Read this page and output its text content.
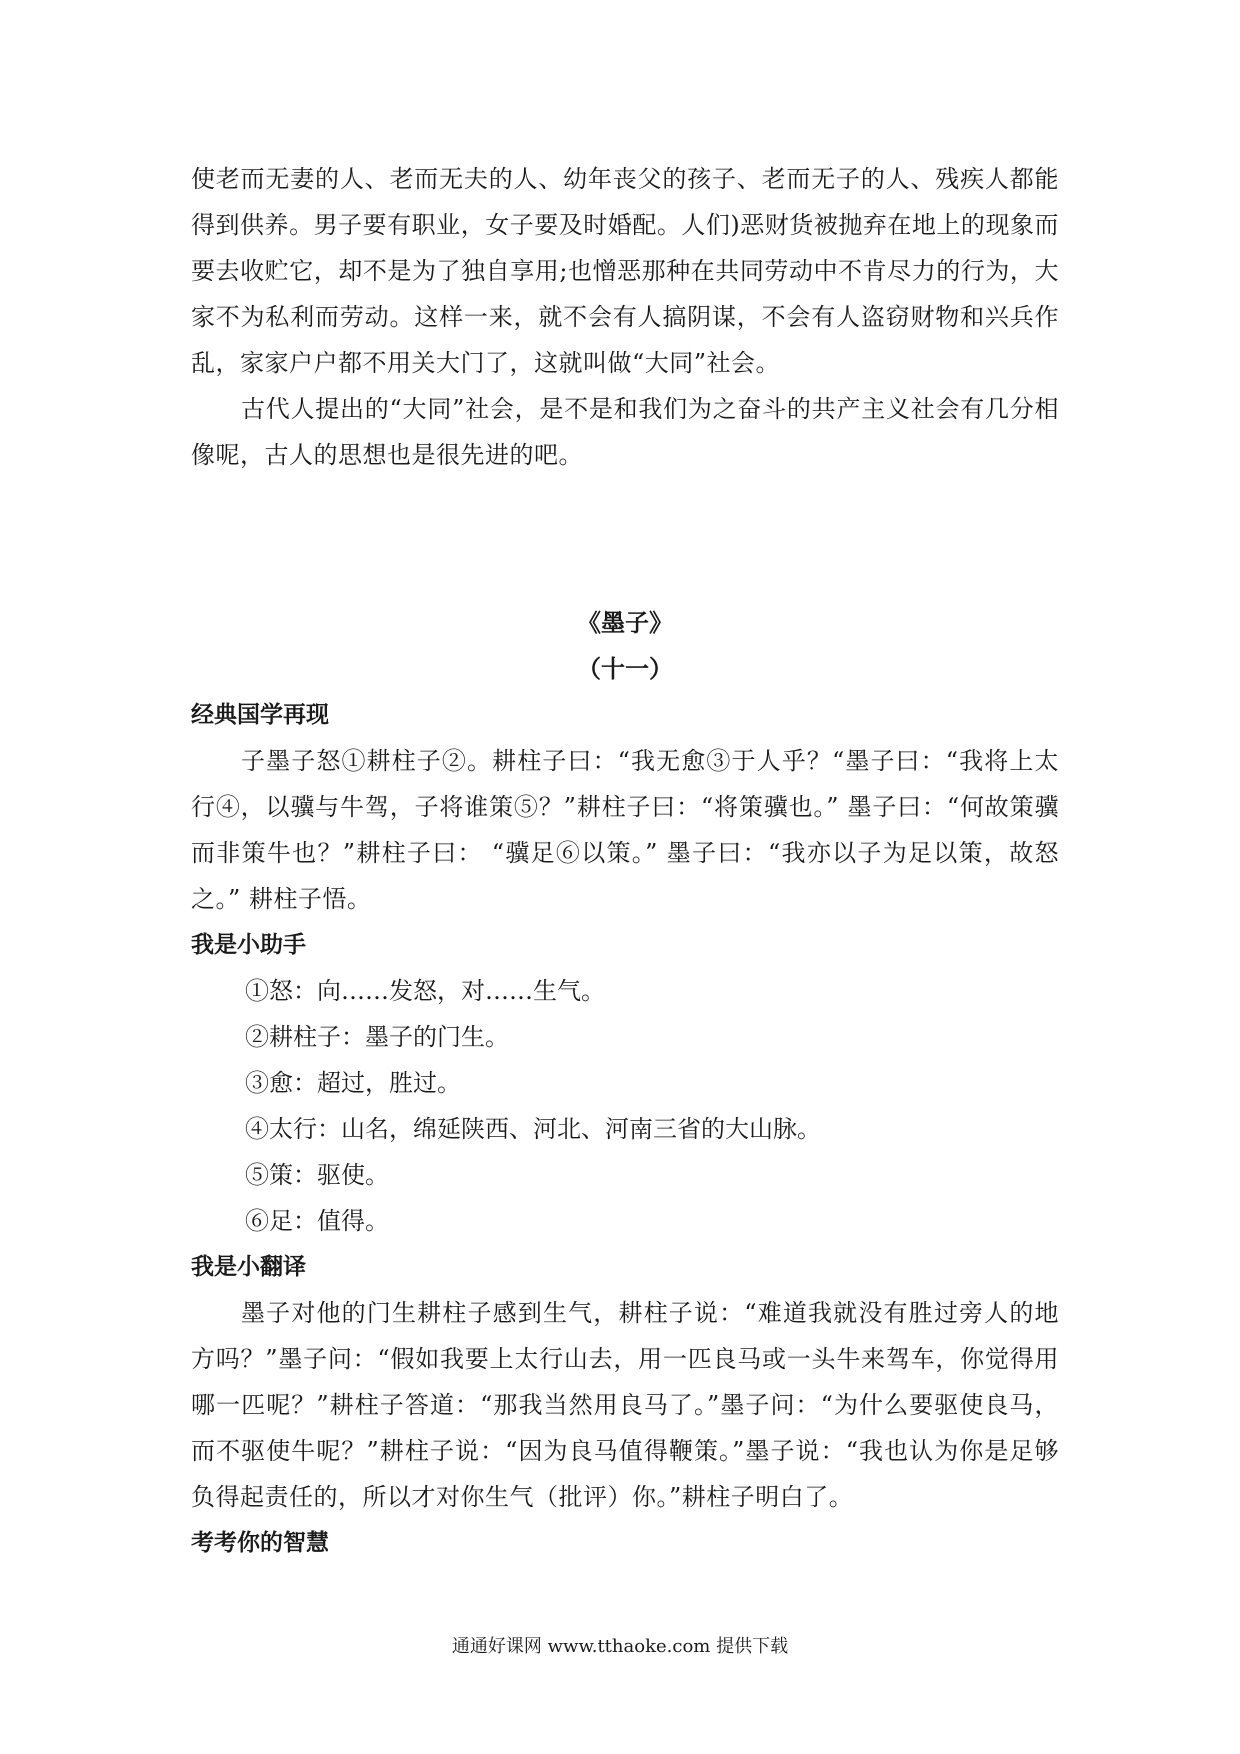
使老而无妻的人、老而无夫的人、幼年丧父的孩子、老而无子的人、残疾人都能得到供养。男子要有职业，女子要及时婚配。人们)恶财货被抛弃在地上的现象而要去收贮它，却不是为了独自享用;也憎恶那种在共同劳动中不肯尽力的行为，大家不为私利而劳动。这样一来，就不会有人搞阴谋，不会有人盗窃财物和兴兵作乱，家家户户都不用关大门了，这就叫做“大同”社会。

古代人提出的“大同”社会，是不是和我们为之奋斗的共产主义社会有几分相像呢，古人的思想也是很先进的吧。

《墨子》

（十一）

经典国学再现

子墨子怒①耕柱子②。耕柱子曰：“我无愈③于人乎？“墨子曰：“我将上太行④，以骥与牛驾，子将谁策⑤？”耕柱子曰：“将策骥也。” 墨子曰：“何故策骥而非策牛也？”耕柱子曰： “骥足⑥以策。” 墨子曰：“我亦以子为足以策，故怒之。” 耕柱子悟。

我是小助手

①怒：向……发怒，对……生气。

②耕柱子：墨子的门生。

③愈：超过，胜过。

④太行：山名，绵延陕西、河北、河南三省的大山脉。

⑤策：驱使。

⑥足：值得。

我是小翻译

墨子对他的门生耕柱子感到生气，耕柱子说：“难道我就没有胜过旁人的地方吗？”墨子问：“假如我要上太行山去，用一匹良马或一头牛来驾车，你觉得用哪一匹呢？”耕柱子答道：“那我当然用良马了。”墨子问：“为什么要驱使良马，而不驱使牛呢？”耕柱子说：“因为良马值得鞭策。”墨子说：“我也认为你是足够负得起责任的，所以才对你生气（批评）你。”耕柱子明白了。

考考你的智慧

通通好课网 www.tthaoke.com 提供下载
